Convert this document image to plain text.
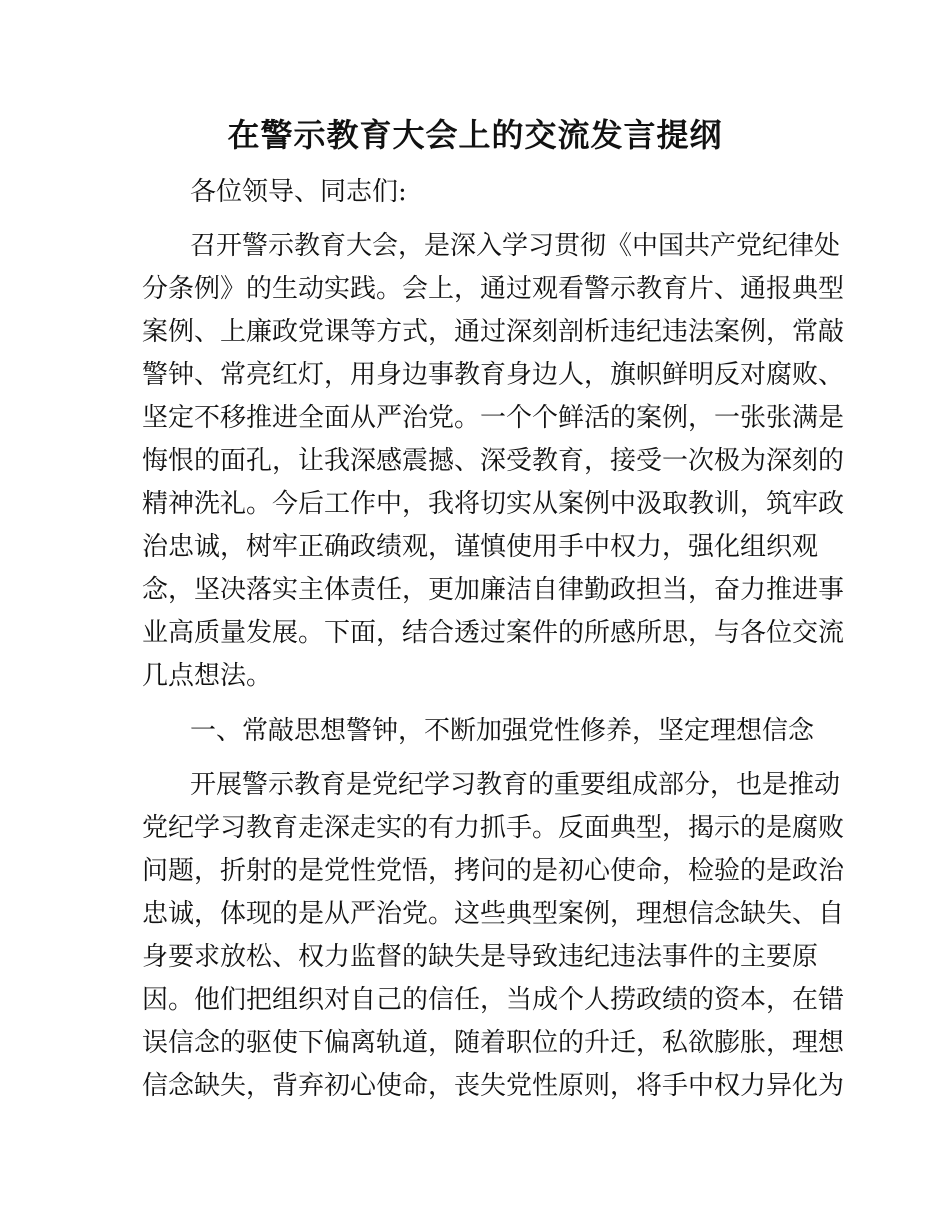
在警示教育大会上的交流发言提纲
各位领导、同志们:
召开警示教育大会，是深入学习贯彻《中国共产党纪律处
分条例》的生动实践。会上，通过观看警示教育片、通报典型
案例、上廉政党课等方式，通过深刻剖析违纪违法案例，常敲
警钟、常亮红灯，用身边事教育身边人，旗帜鲜明反对腐败、
坚定不移推进全面从严治党。一个个鲜活的案例，一张张满是
悔恨的面孔，让我深感震撼、深受教育，接受一次极为深刻的
精神洗礼。今后工作中，我将切实从案例中汲取教训，筑牢政
治忠诚，树牢正确政绩观，谨慎使用手中权力，强化组织观
念，坚决落实主体责任，更加廉洁自律勤政担当，奋力推进事
业高质量发展。下面，结合透过案件的所感所思，与各位交流
几点想法。
一、常敲思想警钟，不断加强党性修养，坚定理想信念
开展警示教育是党纪学习教育的重要组成部分，也是推动
党纪学习教育走深走实的有力抓手。反面典型，揭示的是腐败
问题，折射的是党性党悟，拷问的是初心使命，检验的是政治
忠诚，体现的是从严治党。这些典型案例，理想信念缺失、自
身要求放松、权力监督的缺失是导致违纪违法事件的主要原
因。他们把组织对自己的信任，当成个人捞政绩的资本，在错
误信念的驱使下偏离轨道，随着职位的升迁，私欲膨胀，理想
信念缺失，背弃初心使命，丧失党性原则，将手中权力异化为
